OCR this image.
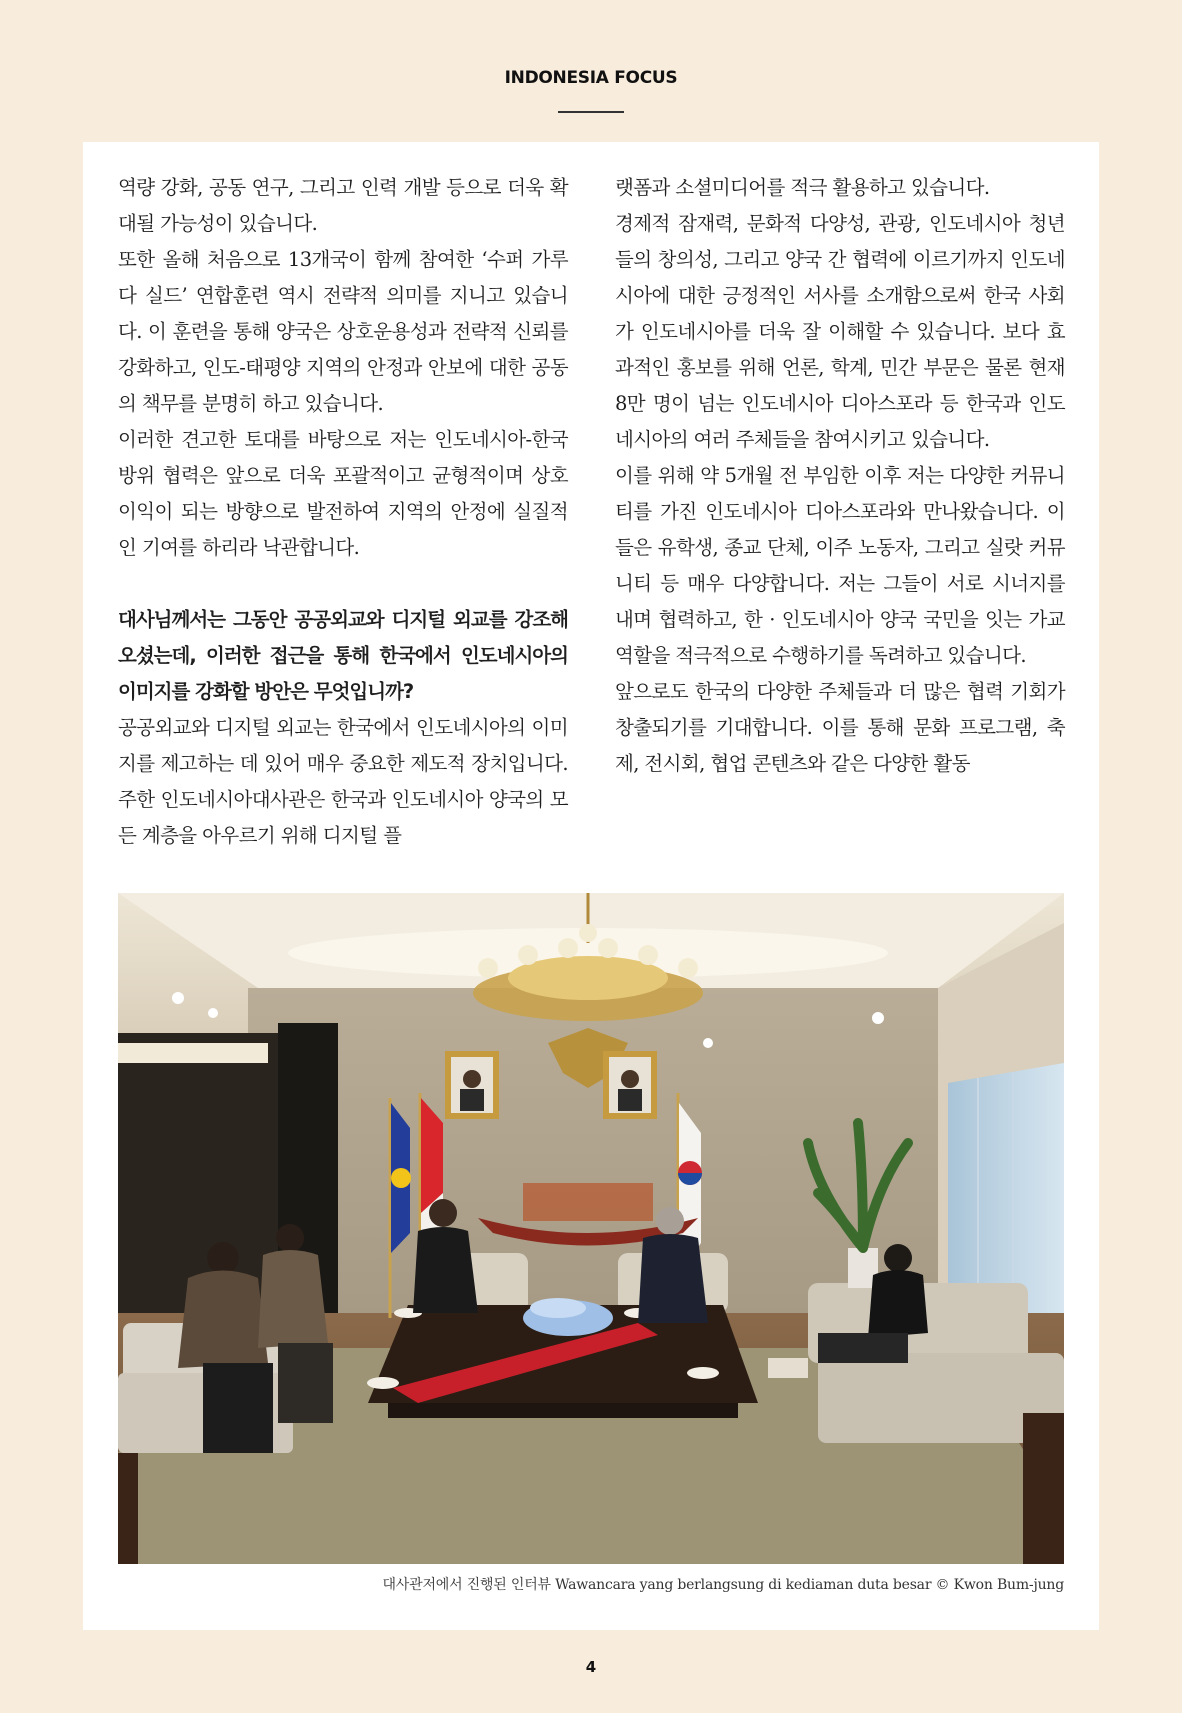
INDONESIA FOCUS

역량 강화, 공동 연구, 그리고 인력 개발 등으로 더욱 확대될 가능성이 있습니다.

또한 올해 처음으로 13개국이 함께 참여한 ‘수퍼 가루다 실드’ 연합훈련 역시 전략적 의미를 지니고 있습니다. 이 훈련을 통해 양국은 상호운용성과 전략적 신뢰를 강화하고, 인도-태평양 지역의 안정과 안보에 대한 공동의 책무를 분명히 하고 있습니다.

이러한 견고한 토대를 바탕으로 저는 인도네시아-한국 방위 협력은 앞으로 더욱 포괄적이고 균형적이며 상호 이익이 되는 방향으로 발전하여 지역의 안정에 실질적인 기여를 하리라 낙관합니다.

대사님께서는 그동안 공공외교와 디지털 외교를 강조해 오셨는데, 이러한 접근을 통해 한국에서 인도네시아의 이미지를 강화할 방안은 무엇입니까?

공공외교와 디지털 외교는 한국에서 인도네시아의 이미지를 제고하는 데 있어 매우 중요한 제도적 장치입니다. 주한 인도네시아대사관은 한국과 인도네시아 양국의 모든 계층을 아우르기 위해 디지털 플

랫폼과 소셜미디어를 적극 활용하고 있습니다.

경제적 잠재력, 문화적 다양성, 관광, 인도네시아 청년들의 창의성, 그리고 양국 간 협력에 이르기까지 인도네시아에 대한 긍정적인 서사를 소개함으로써 한국 사회가 인도네시아를 더욱 잘 이해할 수 있습니다. 보다 효과적인 홍보를 위해 언론, 학계, 민간 부문은 물론 현재 8만 명이 넘는 인도네시아 디아스포라 등 한국과 인도네시아의 여러 주체들을 참여시키고 있습니다.

이를 위해 약 5개월 전 부임한 이후 저는 다양한 커뮤니티를 가진 인도네시아 디아스포라와 만나왔습니다. 이들은 유학생, 종교 단체, 이주 노동자, 그리고 실랏 커뮤니티 등 매우 다양합니다. 저는 그들이 서로 시너지를 내며 협력하고, 한 · 인도네시아 양국 국민을 잇는 가교 역할을 적극적으로 수행하기를 독려하고 있습니다.

앞으로도 한국의 다양한 주체들과 더 많은 협력 기회가 창출되기를 기대합니다. 이를 통해 문화 프로그램, 축제, 전시회, 협업 콘텐츠와 같은 다양한 활동

대사관저에서 진행된 인터뷰 Wawancara yang berlangsung di kediaman duta besar © Kwon Bum-jung
4
